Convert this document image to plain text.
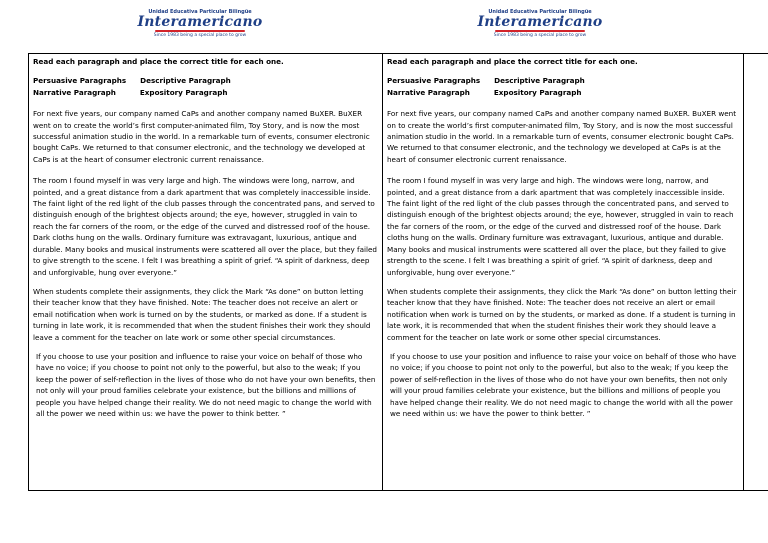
Unidad Educativa Particular Bilingüe
Interamericano
Since 1983 being a special place to grow
Unidad Educativa Particular Bilingüe
Interamericano
Since 1983 being a special place to grow
Read each paragraph and place the correct title for each one.
Persuasive Paragraphs Descriptive Paragraph
Narrative Paragraph	Expository Paragraph

For next five years, our company named CaPs and another company named BuXER. BuXER went on to create the world’s first computer-animated film, Toy Story, and is now the most successful animation studio in the world. In a remarkable turn of events, consumer electronic bought CaPs. We returned to that consumer electronic, and the technology we developed at CaPs is at the heart of consumer electronic current renaissance.

The room I found myself in was very large and high. The windows were long, narrow, and pointed, and a great distance from a dark apartment that was completely inaccessible inside. The faint light of the red light of the club passes through the concentrated pans, and served to distinguish enough of the brightest objects around; the eye, however, struggled in vain to reach the far corners of the room, or the edge of the curved and distressed roof of the house. Dark cloths hung on the walls. Ordinary furniture was extravagant, luxurious, antique and durable. Many books and musical instruments were scattered all over the place, but they failed to give strength to the scene. I felt I was breathing a spirit of grief. “A spirit of darkness, deep and unforgivable, hung over everyone.”

When students complete their assignments, they click the Mark “As done” on button letting their teacher know that they have finished. Note: The teacher does not receive an alert or email notification when work is turned on by the students, or marked as done. If a student is turning in late work, it is recommended that when the student finishes their work they should leave a comment for the teacher on late work or some other special circumstances.

If you choose to use your position and influence to raise your voice on behalf of those who have no voice; if you choose to point not only to the powerful, but also to the weak; If you keep the power of self-reflection in the lives of those who do not have your own benefits, then not only will your proud families celebrate your existence, but the billions and millions of people you have helped change their reality. We do not need magic to change the world with all the power we need within us: we have the power to think better. ”

Read each paragraph and place the correct title for each one.
Persuasive Paragraphs Descriptive Paragraph
Narrative Paragraph	Expository Paragraph

For next five years, our company named CaPs and another company named BuXER. BuXER went on to create the world’s first computer-animated film, Toy Story, and is now the most successful animation studio in the world. In a remarkable turn of events, consumer electronic bought CaPs. We returned to that consumer electronic, and the technology we developed at CaPs is at the heart of consumer electronic current renaissance.

The room I found myself in was very large and high. The windows were long, narrow, and pointed, and a great distance from a dark apartment that was completely inaccessible inside. The faint light of the red light of the club passes through the concentrated pans, and served to distinguish enough of the brightest objects around; the eye, however, struggled in vain to reach the far corners of the room, or the edge of the curved and distressed roof of the house. Dark cloths hung on the walls. Ordinary furniture was extravagant, luxurious, antique and durable. Many books and musical instruments were scattered all over the place, but they failed to give strength to the scene. I felt I was breathing a spirit of grief. “A spirit of darkness, deep and unforgivable, hung over everyone.”

When students complete their assignments, they click the Mark “As done” on button letting their teacher know that they have finished. Note: The teacher does not receive an alert or email notification when work is turned on by the students, or marked as done. If a student is turning in late work, it is recommended that when the student finishes their work they should leave a comment for the teacher on late work or some other special circumstances.

If you choose to use your position and influence to raise your voice on behalf of those who have no voice; if you choose to point not only to the powerful, but also to the weak; If you keep the power of self-reflection in the lives of those who do not have your own benefits, then not only will your proud families celebrate your existence, but the billions and millions of people you have helped change their reality. We do not need magic to change the world with all the power we need within us: we have the power to think better. ”
